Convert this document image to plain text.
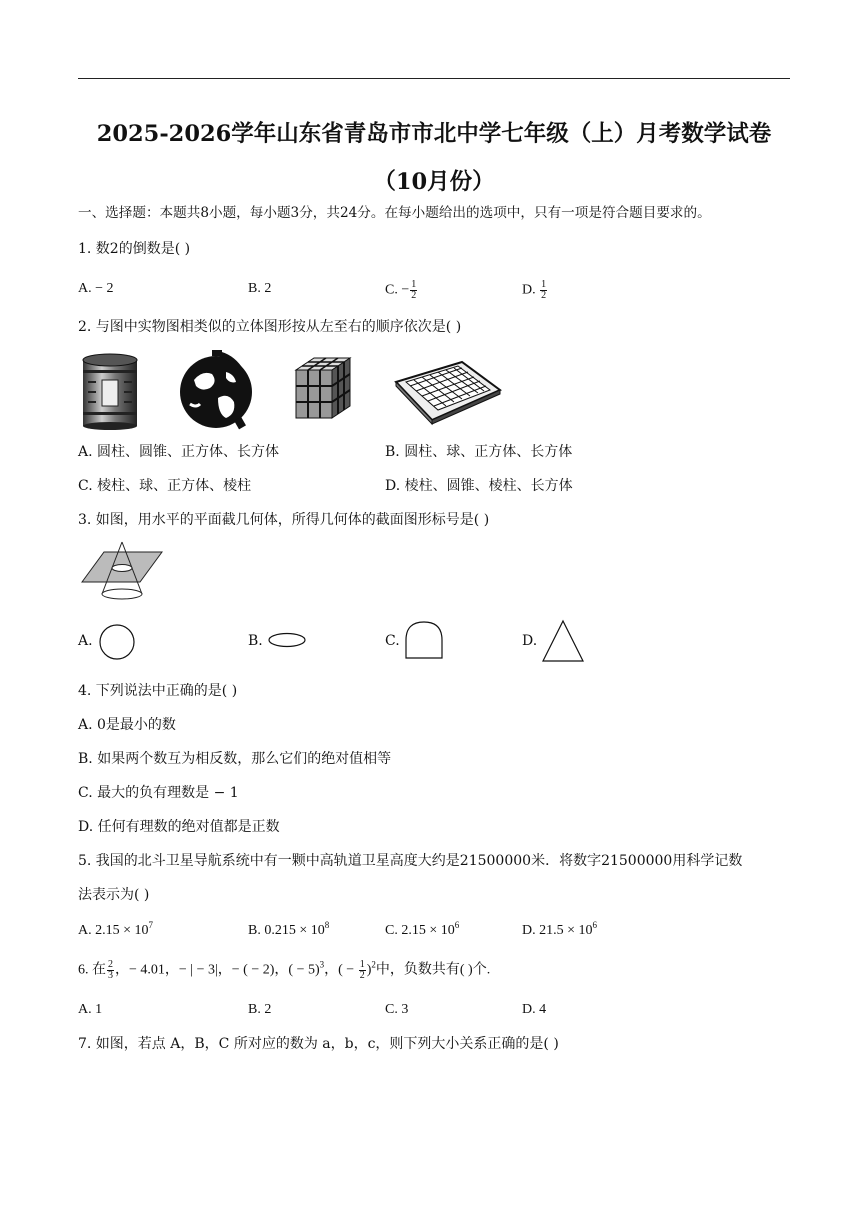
2025-2026学年山东省青岛市市北中学七年级（上）月考数学试卷（10月份）
一、选择题：本题共8小题，每小题3分，共24分。在每小题给出的选项中，只有一项是符合题目要求的。
1. 数2的倒数是( )
A. − 2	B. 2	C. − $\frac{1}{2}$	D. $\frac{1}{2}$
2. 与图中实物图相类似的立体图形按从左至右的顺序依次是( )
A. 圆柱、圆锥、正方体、长方体	B. 圆柱、球、正方体、长方体
C. 棱柱、球、正方体、棱柱	D. 棱柱、圆锥、棱柱、长方体
3. 如图，用水平的平面截几何体，所得几何体的截面图形标号是( )
A.	B.	C.	D.
4. 下列说法中正确的是( )
A. 0是最小的数
B. 如果两个数互为相反数，那么它们的绝对值相等
C. 最大的负有理数是 − 1
D. 任何有理数的绝对值都是正数
5. 我国的北斗卫星导航系统中有一颗中高轨道卫星高度大约是21500000米．将数字21500000用科学记数
法表示为( )
A. $2.15 \times 10^7$	B. $0.215 \times 10^8$	C. $2.15 \times 10^6$	D. $21.5 \times 10^6$
6. 在 $\frac{2}{3}$ ，− 4.01，− | − 3|，− ( − 2)，( − 5)$^3$，( − $\frac{1}{2} )^2$中，负数共有( )个.
A. 1	B. 2	C. 3	D. 4
7. 如图，若点 A，B，C 所对应的数为 a，b，c，则下列大小关系正确的是( )
